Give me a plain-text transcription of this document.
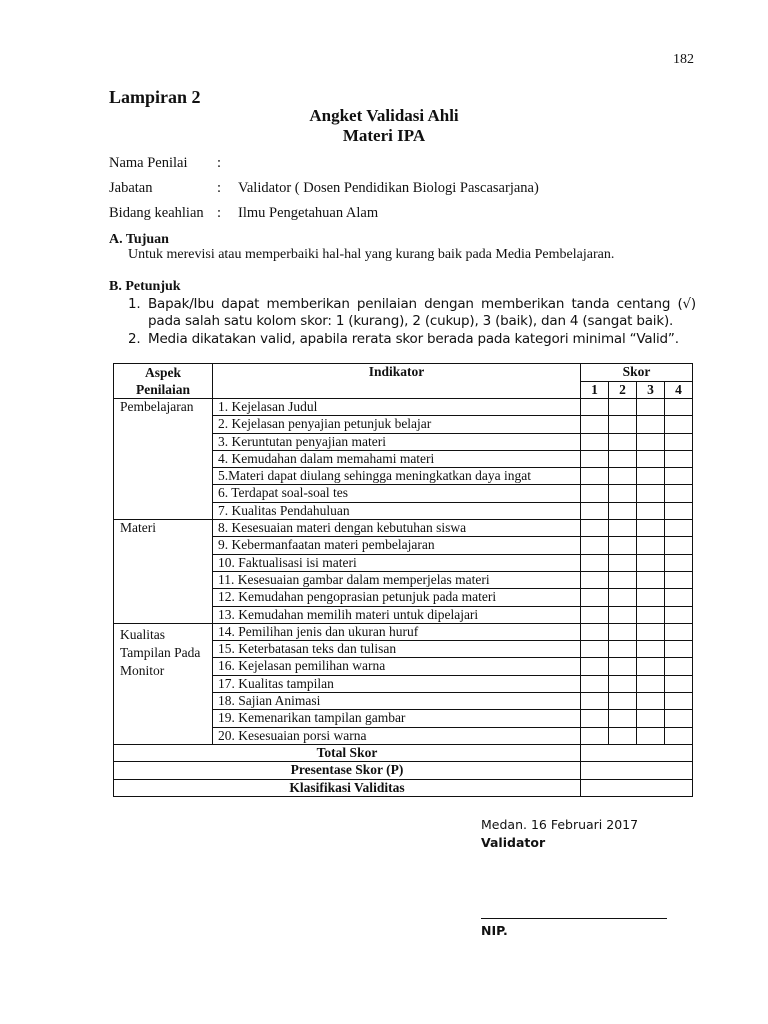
182
Lampiran 2
Angket Validasi Ahli
Materi IPA
Nama Penilai :
Jabatan	: Validator ( Dosen Pendidikan Biologi Pascasarjana)
Bidang keahlian : Ilmu Pengetahuan Alam
A. Tujuan
Untuk merevisi atau memperbaiki hal-hal yang kurang baik pada Media Pembelajaran.
B. Petunjuk
1. Bapak/Ibu dapat memberikan penilaian dengan memberikan tanda centang (√) pada salah satu kolom skor: 1 (kurang), 2 (cukup), 3 (baik), dan 4 (sangat baik).
2. Media dikatakan valid, apabila rerata skor berada pada kategori minimal “Valid”.
Aspek Penilaian	Indikator	Skor			
		1	2	3	4
Pembelajaran	1. Kejelasan Judul				
	2. Kejelasan penyajian petunjuk belajar				
	3. Keruntutan penyajian materi				
	4. Kemudahan dalam memahami materi				
	5.Materi dapat diulang sehingga meningkatkan daya ingat				
	6. Terdapat soal-soal tes				
	7. Kualitas Pendahuluan				
Materi	8. Kesesuaian materi dengan kebutuhan siswa				
	9. Kebermanfaatan materi pembelajaran				
	10. Faktualisasi isi materi				
	11. Kesesuaian gambar dalam memperjelas materi				
	12. Kemudahan pengoprasian petunjuk pada materi				
	13. Kemudahan memilih materi untuk dipelajari				
Kualitas Tampilan Pada Monitor	14. Pemilihan jenis dan ukuran huruf				
	15. Keterbatasan teks dan tulisan				
	16. Kejelasan pemilihan warna				
	17. Kualitas tampilan				
	18. Sajian Animasi				
	19. Kemenarikan tampilan gambar				
	20. Kesesuaian porsi warna				
Total Skor					
Presentase Skor (P)					
Klasifikasi Validitas					
Medan. 16 Februari 2017
Validator
NIP.
